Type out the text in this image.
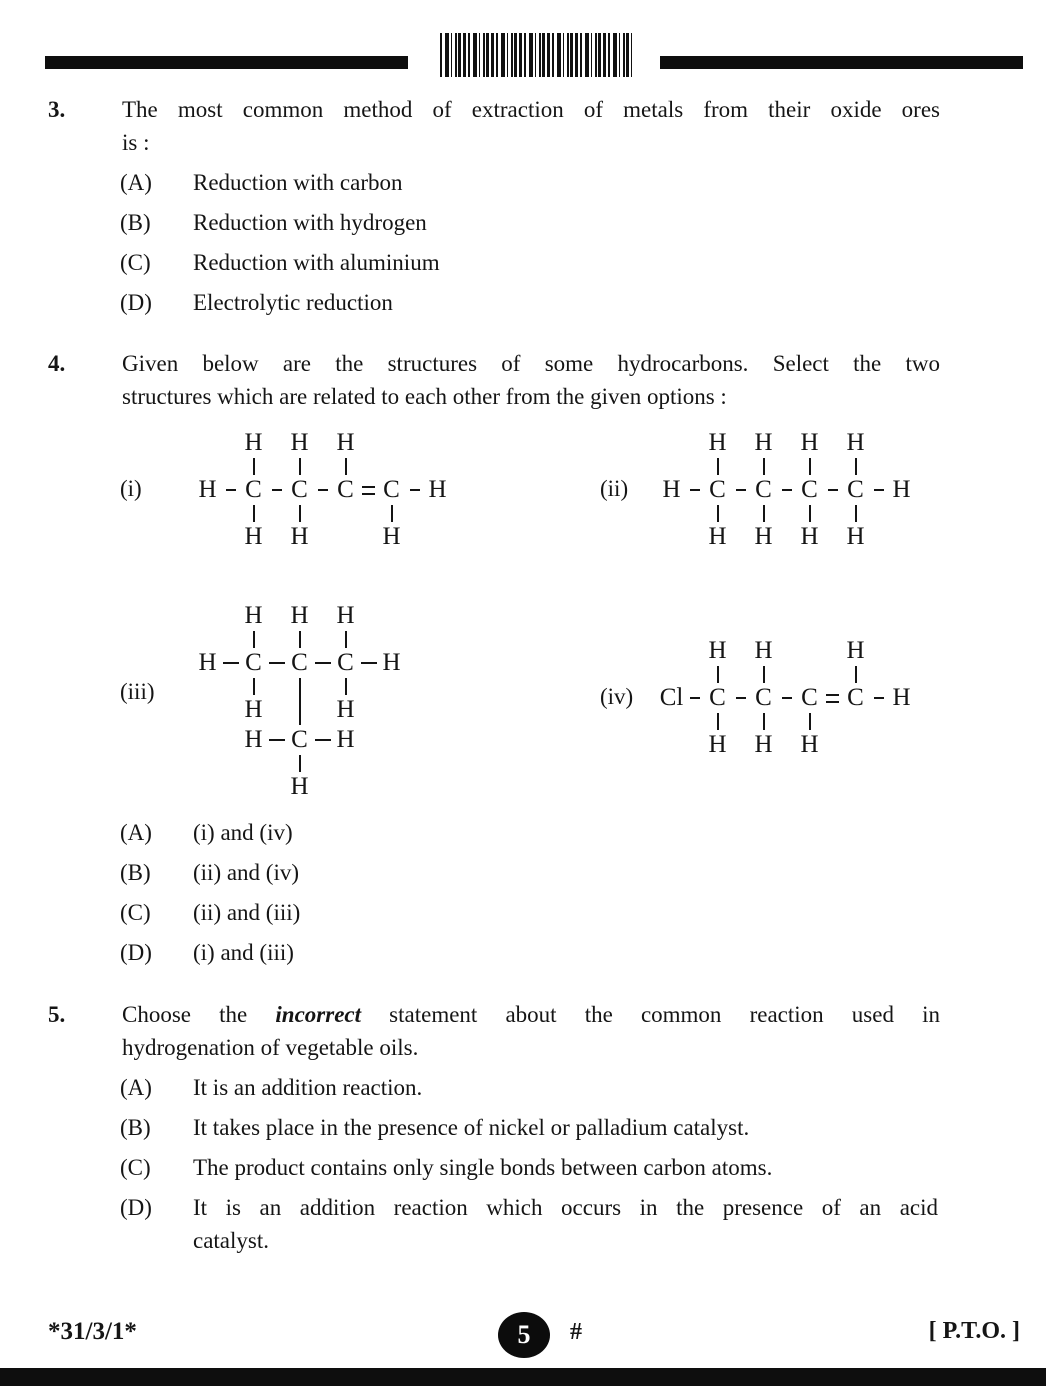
3.	The most common method of extraction of metals from their oxide ores
is :
(A)	Reduction with carbon
(B)	Reduction with hydrogen
(C)	Reduction with aluminium
(D)	Electrolytic reduction
4.	Given below are the structures of some hydrocarbons. Select the two
structures which are related to each other from the given options :
(i)
H H H
H C C C C H
H H	H
(ii)
H H H H
H C C C C H
H H H H
(iii)
H H H
H C C C H
H	H
H C H
H
(iv)
H H	H
Cl C C C C H
H H H
(A)	(i) and (iv)
(B)	(ii) and (iv)
(C)	(ii) and (iii)
(D)	(i) and (iii)
5.	Choose the incorrect statement about the common reaction used in
hydrogenation of vegetable oils.
(A)	It is an addition reaction.
(B)	It takes place in the presence of nickel or palladium catalyst.
(C)	The product contains only single bonds between carbon atoms.
(D)	It is an addition reaction which occurs in the presence of an acid
catalyst.
*31/3/1*	5 #	[ P.T.O. ]
